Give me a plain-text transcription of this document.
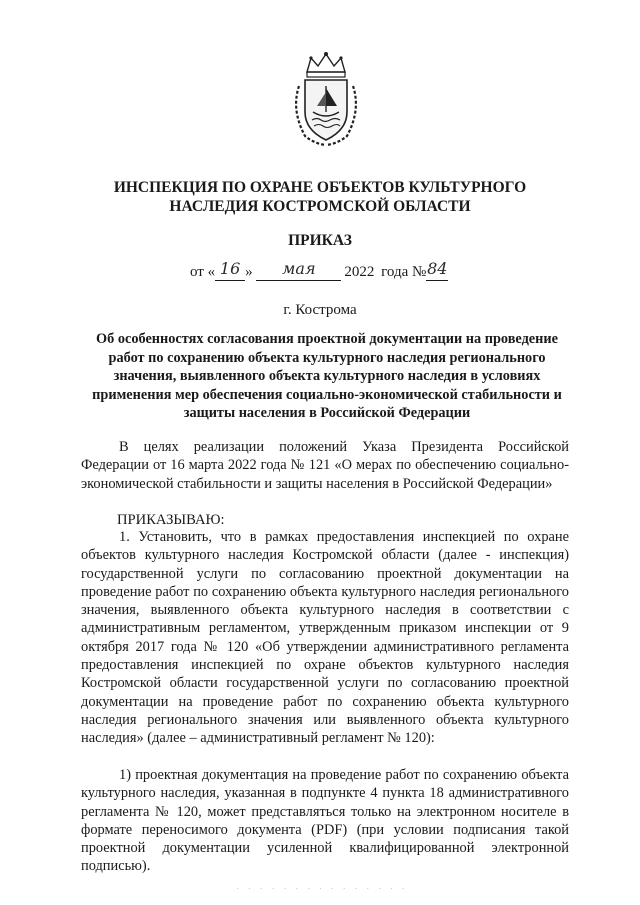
ИНСПЕКЦИЯ ПО ОХРАНЕ ОБЪЕКТОВ КУЛЬТУРНОГО
НАСЛЕДИЯ КОСТРОМСКОЙ ОБЛАСТИ
ПРИКАЗ
от « 16 » мая 2022 года №84
г. Кострома
Об особенностях согласования проектной документации на проведение работ по сохранению объекта культурного наследия регионального значения, выявленного объекта культурного наследия в условиях применения мер обеспечения социально-экономической стабильности и защиты населения в Российской Федерации

В целях реализации положений Указа Президента Российской Федерации от 16 марта 2022 года № 121 «О мерах по обеспечению социально-экономической стабильности и защиты населения в Российской Федерации»

ПРИКАЗЫВАЮ:

1. Установить, что в рамках предоставления инспекцией по охране объектов культурного наследия Костромской области (далее - инспекция) государственной услуги по согласованию проектной документации на проведение работ по сохранению объекта культурного наследия регионального значения, выявленного объекта культурного наследия в соответствии с административным регламентом, утвержденным приказом инспекции от 9 октября 2017 года № 120 «Об утверждении административного регламента предоставления инспекцией по охране объектов культурного наследия Костромской области государственной услуги по согласованию проектной документации на проведение работ по сохранению объекта культурного наследия регионального значения или выявленного объекта культурного наследия» (далее – административный регламент № 120):

1) проектная документация на проведение работ по сохранению объекта культурного наследия, указанная в подпункте 4 пункта 18 административного регламента № 120, может представляться только на электронном носителе в формате переносимого документа (PDF) (при условии подписания такой проектной документации усиленной квалифицированной электронной подписью).

· · · · · · · · · · · · · · ·
